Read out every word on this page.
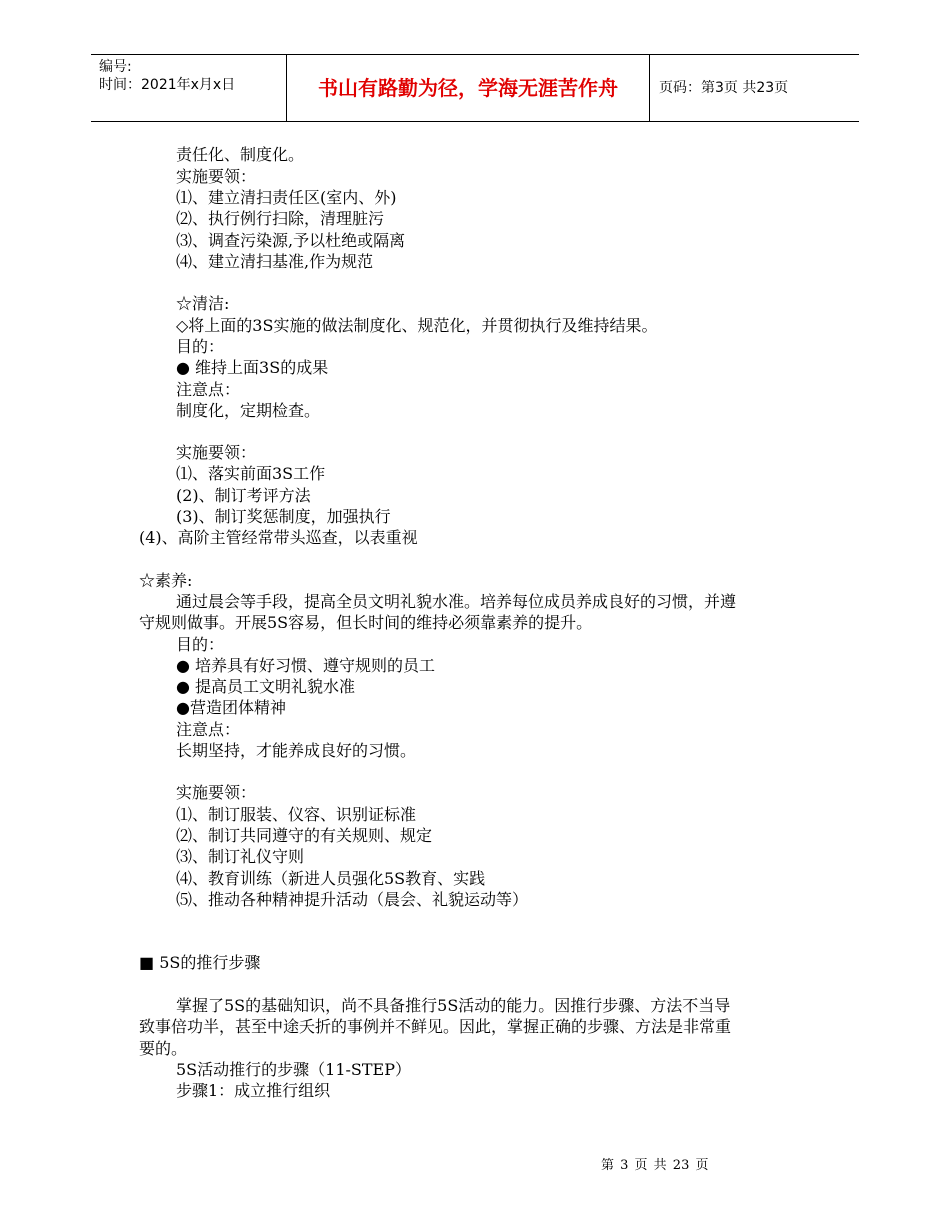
编号:
时间：2021年x月x日	书山有路勤为径，学海无涯苦作舟	页码：第3页 共23页
责任化、制度化。
实施要领：
⑴、建立清扫责任区(室内、外)
⑵、执行例行扫除，清理脏污
⑶、调查污染源,予以杜绝或隔离
⑷、建立清扫基准,作为规范
☆清洁:
◇将上面的3S实施的做法制度化、规范化，并贯彻执行及维持结果。
目的：
● 维持上面3S的成果
注意点：
制度化，定期检查。
实施要领：
⑴、落实前面3S工作
(2)、制订考评方法
(3)、制订奖惩制度，加强执行
(4)、高阶主管经常带头巡查，以表重视
☆素养:
通过晨会等手段，提高全员文明礼貌水准。培养每位成员养成良好的习惯，并遵
守规则做事。开展5S容易，但长时间的维持必须靠素养的提升。
目的：
● 培养具有好习惯、遵守规则的员工
● 提高员工文明礼貌水准
●营造团体精神
注意点：
长期坚持，才能养成良好的习惯。
实施要领：
⑴、制订服装、仪容、识别证标准
⑵、制订共同遵守的有关规则、规定
⑶、制订礼仪守则
⑷、教育训练（新进人员强化5S教育、实践
⑸、推动各种精神提升活动（晨会、礼貌运动等）
■ 5S的推行步骤
掌握了5S的基础知识，尚不具备推行5S活动的能力。因推行步骤、方法不当导
致事倍功半，甚至中途夭折的事例并不鲜见。因此，掌握正确的步骤、方法是非常重
要的。
5S活动推行的步骤（11-STEP）
步骤1：成立推行组织
第 3 页 共 23 页
